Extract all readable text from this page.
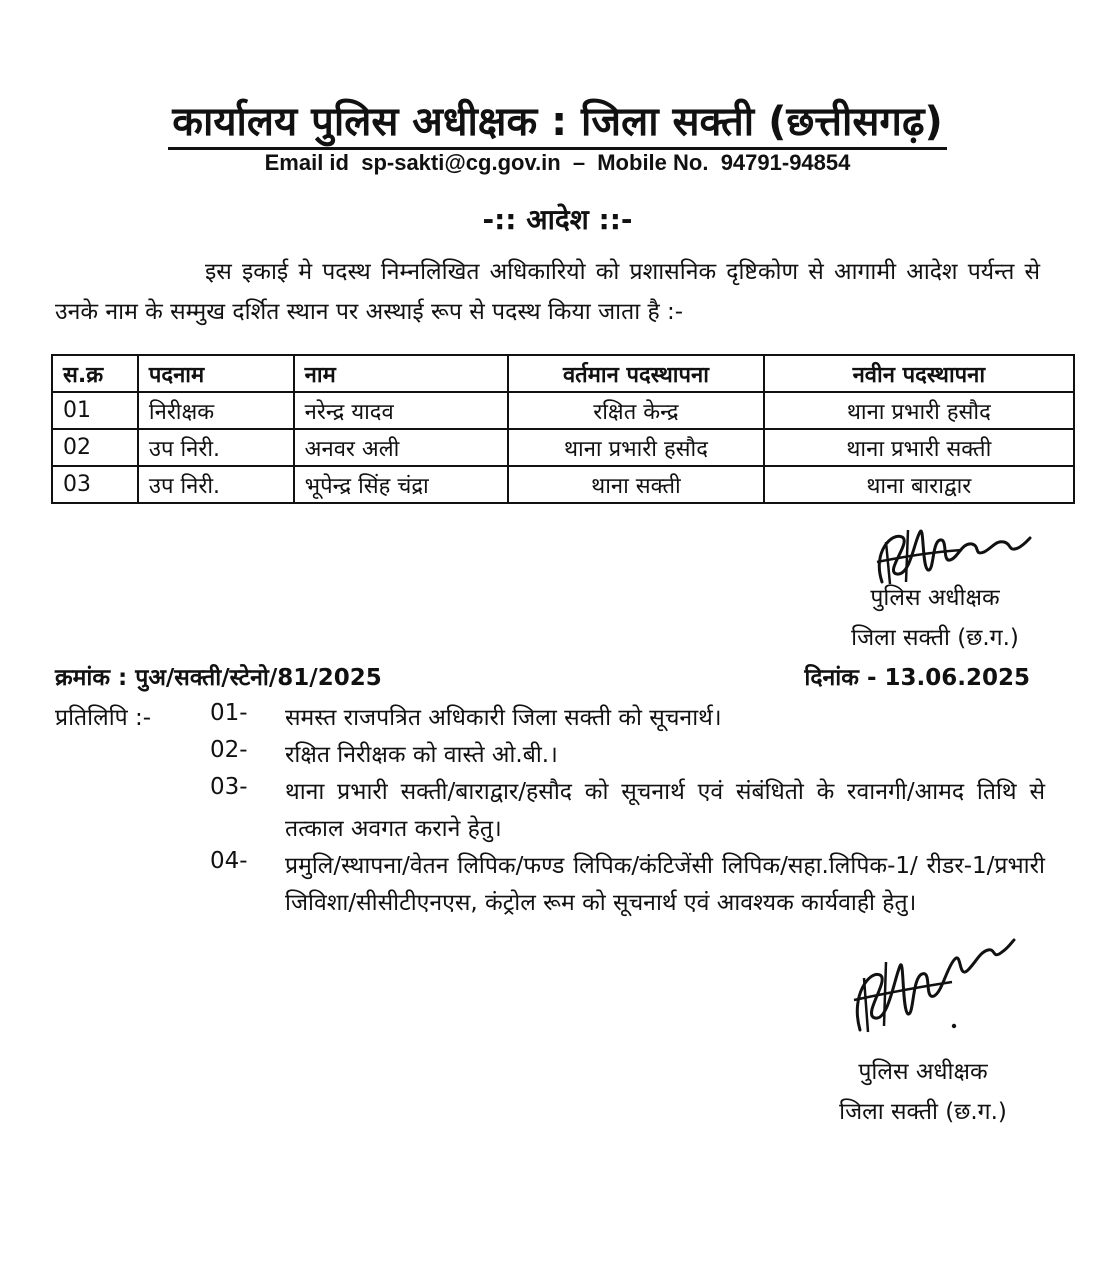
कार्यालय पुलिस अधीक्षक : जिला सक्ती (छत्तीसगढ़)
Email id sp-sakti@cg.gov.in – Mobile No. 94791-94854
-:: आदेश ::-
इस इकाई मे पदस्थ निम्नलिखित अधिकारियो को प्रशासनिक दृष्टिकोण से आगामी आदेश पर्यन्त से उनके नाम के सम्मुख दर्शित स्थान पर अस्थाई रूप से पदस्थ किया जाता है :-
स.क्र	पदनाम	नाम	वर्तमान पदस्थापना	नवीन पदस्थापना
01	निरीक्षक	नरेन्द्र यादव	रक्षित केन्द्र	थाना प्रभारी हसौद
02	उप निरी.	अनवर अली	थाना प्रभारी हसौद	थाना प्रभारी सक्ती
03	उप निरी.	भूपेन्द्र सिंह चंद्रा	थाना सक्ती	थाना बाराद्वार
पुलिस अधीक्षक
जिला सक्ती (छ.ग.)
क्रमांक : पुअ/सक्ती/स्टेनो/81/2025	दिनांक - 13.06.2025
प्रतिलिपि :-	01- समस्त राजपत्रित अधिकारी जिला सक्ती को सूचनार्थ।
02- रक्षित निरीक्षक को वास्ते ओ.बी.।
03- थाना प्रभारी सक्ती/बाराद्वार/हसौद को सूचनार्थ एवं संबंधितो के रवानगी/आमद तिथि से तत्काल अवगत कराने हेतु।
04- प्रमुलि/स्थापना/वेतन लिपिक/फण्ड लिपिक/कंटिजेंसी लिपिक/सहा.लिपिक-1/ रीडर-1/प्रभारी जिविशा/सीसीटीएनएस, कंट्रोल रूम को सूचनार्थ एवं आवश्यक कार्यवाही हेतु।
पुलिस अधीक्षक
जिला सक्ती (छ.ग.)
